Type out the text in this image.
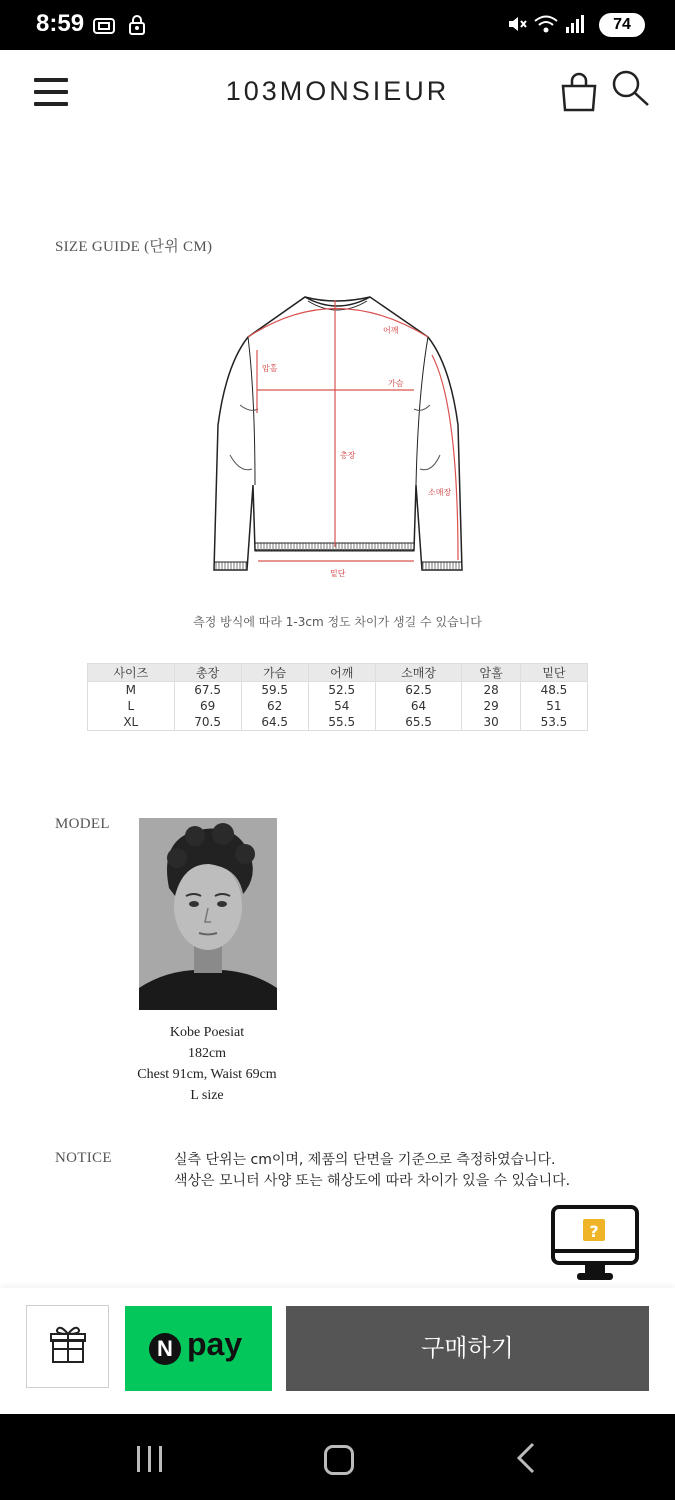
8:59
	74
103MONSIEUR
SIZE GUIDE (단위 CM)
어깨
암홀
가슴
총장
소매장
밑단
측정 방식에 따라 1-3cm 정도 차이가 생길 수 있습니다
사이즈	총장	가슴	어깨	소매장	암홀	밑단
M	67.5	59.5	52.5	62.5	28	48.5
L	69	62	54	64	29	51
XL	70.5	64.5	55.5	65.5	30	53.5
MODEL
Kobe Poesiat
182cm
Chest 91cm, Waist 69cm
L size
NOTICE	실측 단위는 cm이며, 제품의 단면을 기준으로 측정하였습니다.
색상은 모니터 사양 또는 해상도에 따라 차이가 있을 수 있습니다.
?
N pay	구매하기
